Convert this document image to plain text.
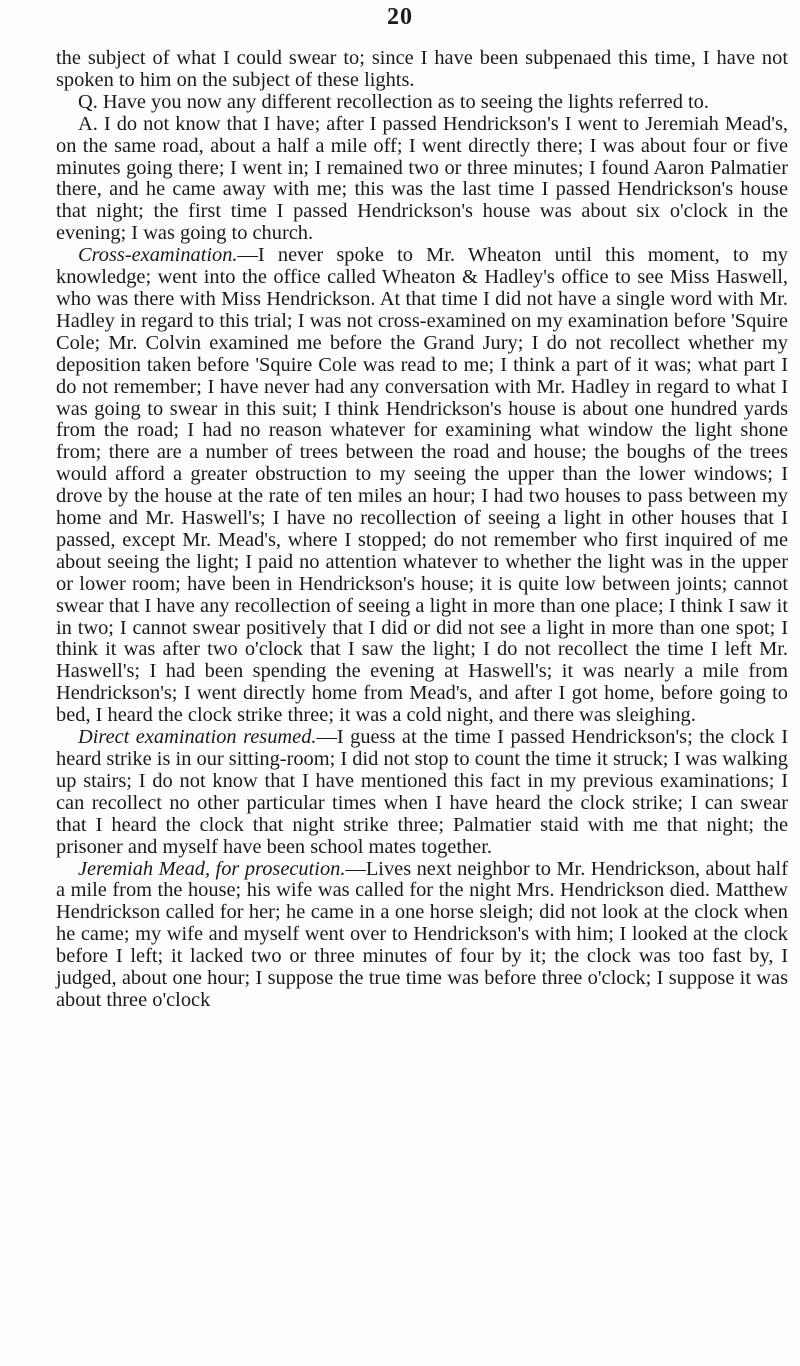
20

the subject of what I could swear to; since I have been subpenaed this time, I have not spoken to him on the subject of these lights.

Q. Have you now any different recollection as to seeing the lights referred to.

A. I do not know that I have; after I passed Hendrickson's I went to Jeremiah Mead's, on the same road, about a half a mile off; I went directly there; I was about four or five minutes going there; I went in; I remained two or three minutes; I found Aaron Palmatier there, and he came away with me; this was the last time I passed Hendrickson's house that night; the first time I passed Hendrickson's house was about six o'clock in the evening; I was going to church.

Cross-examination.—I never spoke to Mr. Wheaton until this moment, to my knowledge; went into the office called Wheaton & Hadley's office to see Miss Haswell, who was there with Miss Hendrickson. At that time I did not have a single word with Mr. Hadley in regard to this trial; I was not cross-examined on my examination before 'Squire Cole; Mr. Colvin examined me before the Grand Jury; I do not recollect whether my deposition taken before 'Squire Cole was read to me; I think a part of it was; what part I do not remember; I have never had any conversation with Mr. Hadley in regard to what I was going to swear in this suit; I think Hendrickson's house is about one hundred yards from the road; I had no reason whatever for examining what window the light shone from; there are a number of trees between the road and house; the boughs of the trees would afford a greater obstruction to my seeing the upper than the lower windows; I drove by the house at the rate of ten miles an hour; I had two houses to pass between my home and Mr. Haswell's; I have no recollection of seeing a light in other houses that I passed, except Mr. Mead's, where I stopped; do not remember who first inquired of me about seeing the light; I paid no attention whatever to whether the light was in the upper or lower room; have been in Hendrickson's house; it is quite low between joints; cannot swear that I have any recollection of seeing a light in more than one place; I think I saw it in two; I cannot swear positively that I did or did not see a light in more than one spot; I think it was after two o'clock that I saw the light; I do not recollect the time I left Mr. Haswell's; I had been spending the evening at Haswell's; it was nearly a mile from Hendrickson's; I went directly home from Mead's, and after I got home, before going to bed, I heard the clock strike three; it was a cold night, and there was sleighing.

Direct examination resumed.—I guess at the time I passed Hendrickson's; the clock I heard strike is in our sitting-room; I did not stop to count the time it struck; I was walking up stairs; I do not know that I have mentioned this fact in my previous examinations; I can recollect no other particular times when I have heard the clock strike; I can swear that I heard the clock that night strike three; Palmatier staid with me that night; the prisoner and myself have been school mates together.

Jeremiah Mead, for prosecution.—Lives next neighbor to Mr. Hendrickson, about half a mile from the house; his wife was called for the night Mrs. Hendrickson died. Matthew Hendrickson called for her; he came in a one horse sleigh; did not look at the clock when he came; my wife and myself went over to Hendrickson's with him; I looked at the clock before I left; it lacked two or three minutes of four by it; the clock was too fast by, I judged, about one hour; I suppose the true time was before three o'clock; I suppose it was about three o'clock
